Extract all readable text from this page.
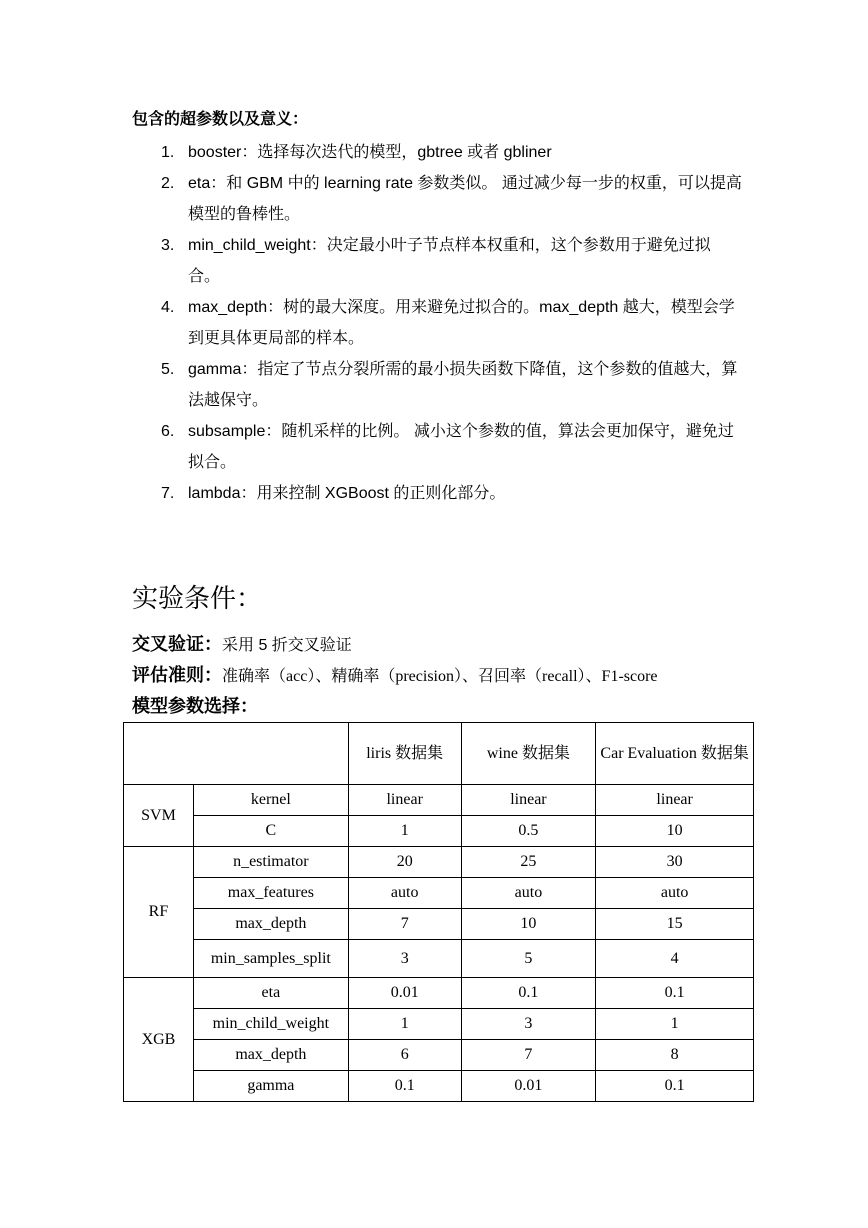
包含的超参数以及意义：
1. booster：选择每次迭代的模型，gbtree 或者 gbliner
2. eta：和 GBM 中的 learning rate 参数类似。 通过减少每一步的权重，可以提高模型的鲁棒性。
3. min_child_weight：决定最小叶子节点样本权重和，这个参数用于避免过拟合。
4. max_depth：树的最大深度。用来避免过拟合的。max_depth 越大，模型会学到更具体更局部的样本。
5. gamma：指定了节点分裂所需的最小损失函数下降值，这个参数的值越大，算法越保守。
6. subsample：随机采样的比例。 减小这个参数的值，算法会更加保守，避免过拟合。
7. lambda：用来控制 XGBoost 的正则化部分。
实验条件：
交叉验证：采用 5 折交叉验证
评估准则：准确率（acc）、精确率（precision）、召回率（recall）、F1-score
模型参数选择：
		liris 数据集	wine 数据集	Car Evaluation 数据集
SVM	kernel	linear	linear	linear
	C	1	0.5	10
RF	n_estimator	20	25	30
	max_features	auto	auto	auto
	max_depth	7	10	15
	min_samples_split	3	5	4
XGB	eta	0.01	0.1	0.1
	min_child_weight	1	3	1
	max_depth	6	7	8
	gamma	0.1	0.01	0.1
